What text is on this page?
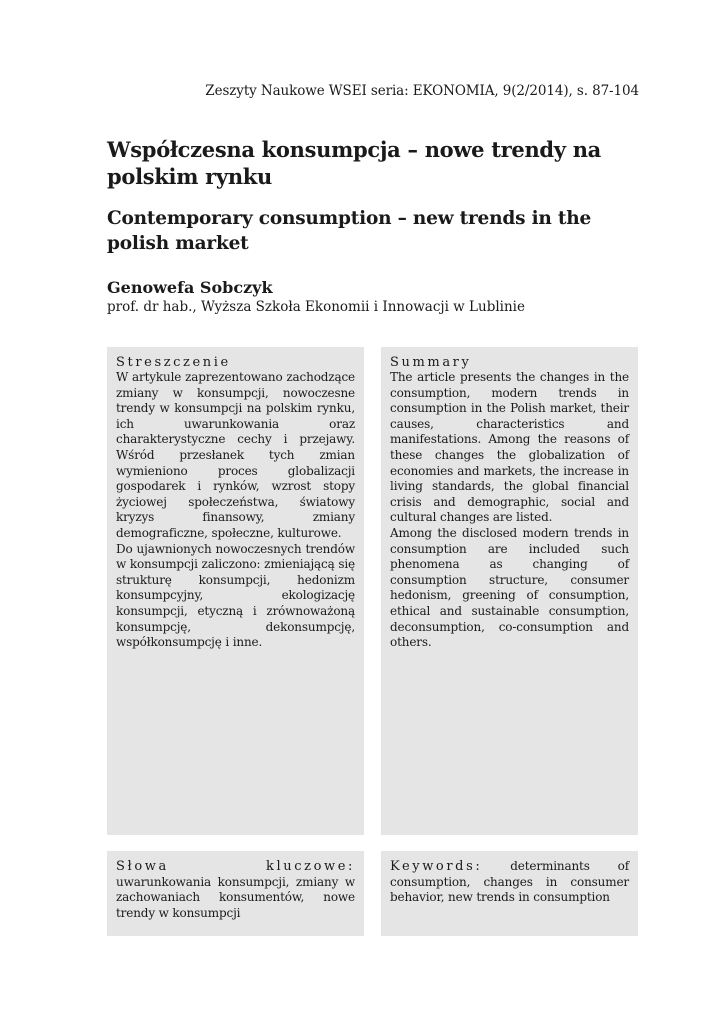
Zeszyty Naukowe WSEI seria: EKONOMIA, 9(2/2014), s. 87-104
Współczesna konsumpcja – nowe trendy na polskim rynku
Contemporary consumption – new trends in the polish market
Genowefa Sobczyk
prof. dr hab., Wyższa Szkoła Ekonomii i Innowacji w Lublinie
Streszczenie

W artykule zaprezentowano zachodzące zmiany w konsumpcji, nowoczesne trendy w konsumpcji na polskim rynku, ich uwarunkowania oraz charakterystyczne cechy i przejawy. Wśród przesłanek tych zmian wymieniono proces globalizacji gospodarek i rynków, wzrost stopy życiowej społeczeństwa, światowy kryzys finansowy, zmiany demograficzne, społeczne, kulturowe.

Do ujawnionych nowoczesnych trendów w konsumpcji zaliczono: zmieniającą się strukturę konsumpcji, hedonizm konsumpcyjny, ekologizację konsumpcji, etyczną i zrównoważoną konsumpcję, dekonsumpcję, współkonsumpcję i inne.

Summary

The article presents the changes in the consumption, modern trends in consumption in the Polish market, their causes, characteristics and manifestations. Among the reasons of these changes the globalization of economies and markets, the increase in living standards, the global financial crisis and demographic, social and cultural changes are listed.

Among the disclosed modern trends in consumption are included such phenomena as changing of consumption structure, consumer hedonism, greening of consumption, ethical and sustainable consumption, deconsumption, co-consumption and others.

Słowa kluczowe: uwarunkowania konsumpcji, zmiany w zachowaniach konsumentów, nowe trendy w konsumpcji
Keywords: determinants of consumption, changes in consumer behavior, new trends in consumption
